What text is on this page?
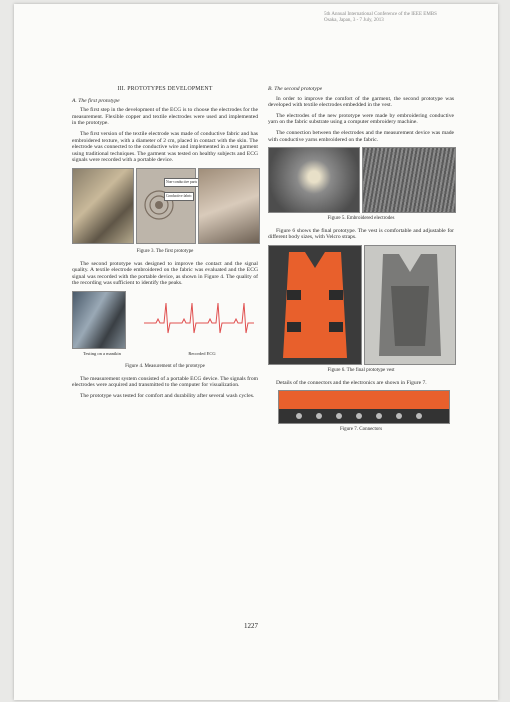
5th Annual International Conference of the IEEE EMBS
Osaka, Japan, 3 - 7 July, 2013
III. PROTOTYPES DEVELOPMENT
A. The first prototype

The first step in the development of the ECG is to choose the electrodes for the measurement. Flexible copper and textile electrodes were used and implemented in the prototype.

The first version of the textile electrode was made of conductive fabric and has embroidered texture, with a diameter of 2 cm, placed in contact with the skin. The electrode was connected to the conductive wire and implemented in a test garment using traditional techniques. The garment was tested on healthy subjects and ECG signals were recorded with a portable device.

Non-conductive parts
Conductive fabric
Figure 3. The first prototype

The second prototype was designed to improve the contact and the signal quality. A textile electrode embroidered on the fabric was evaluated and the ECG signal was recorded with the portable device, as shown in Figure 4. The quality of the recording was sufficient to identify the peaks.

Testing on a manikin	Recorded ECG
Figure 4. Measurement of the prototype

The measurement system consisted of a portable ECG device. The signals from electrodes were acquired and transmitted to the computer for visualization.

The prototype was tested for comfort and durability after several wash cycles.

B. The second prototype

In order to improve the comfort of the garment, the second prototype was developed with textile electrodes embedded in the vest.

The electrodes of the new prototype were made by embroidering conductive yarn on the fabric substrate using a computer embroidery machine.

The connection between the electrodes and the measurement device was made with conductive yarns embroidered on the fabric.

Figure 5. Embroidered electrodes

Figure 6 shows the final prototype. The vest is comfortable and adjustable for different body sizes, with Velcro straps.

Figure 6. The final prototype vest

Details of the connectors and the electronics are shown in Figure 7.

Figure 7. Connectors
1227
